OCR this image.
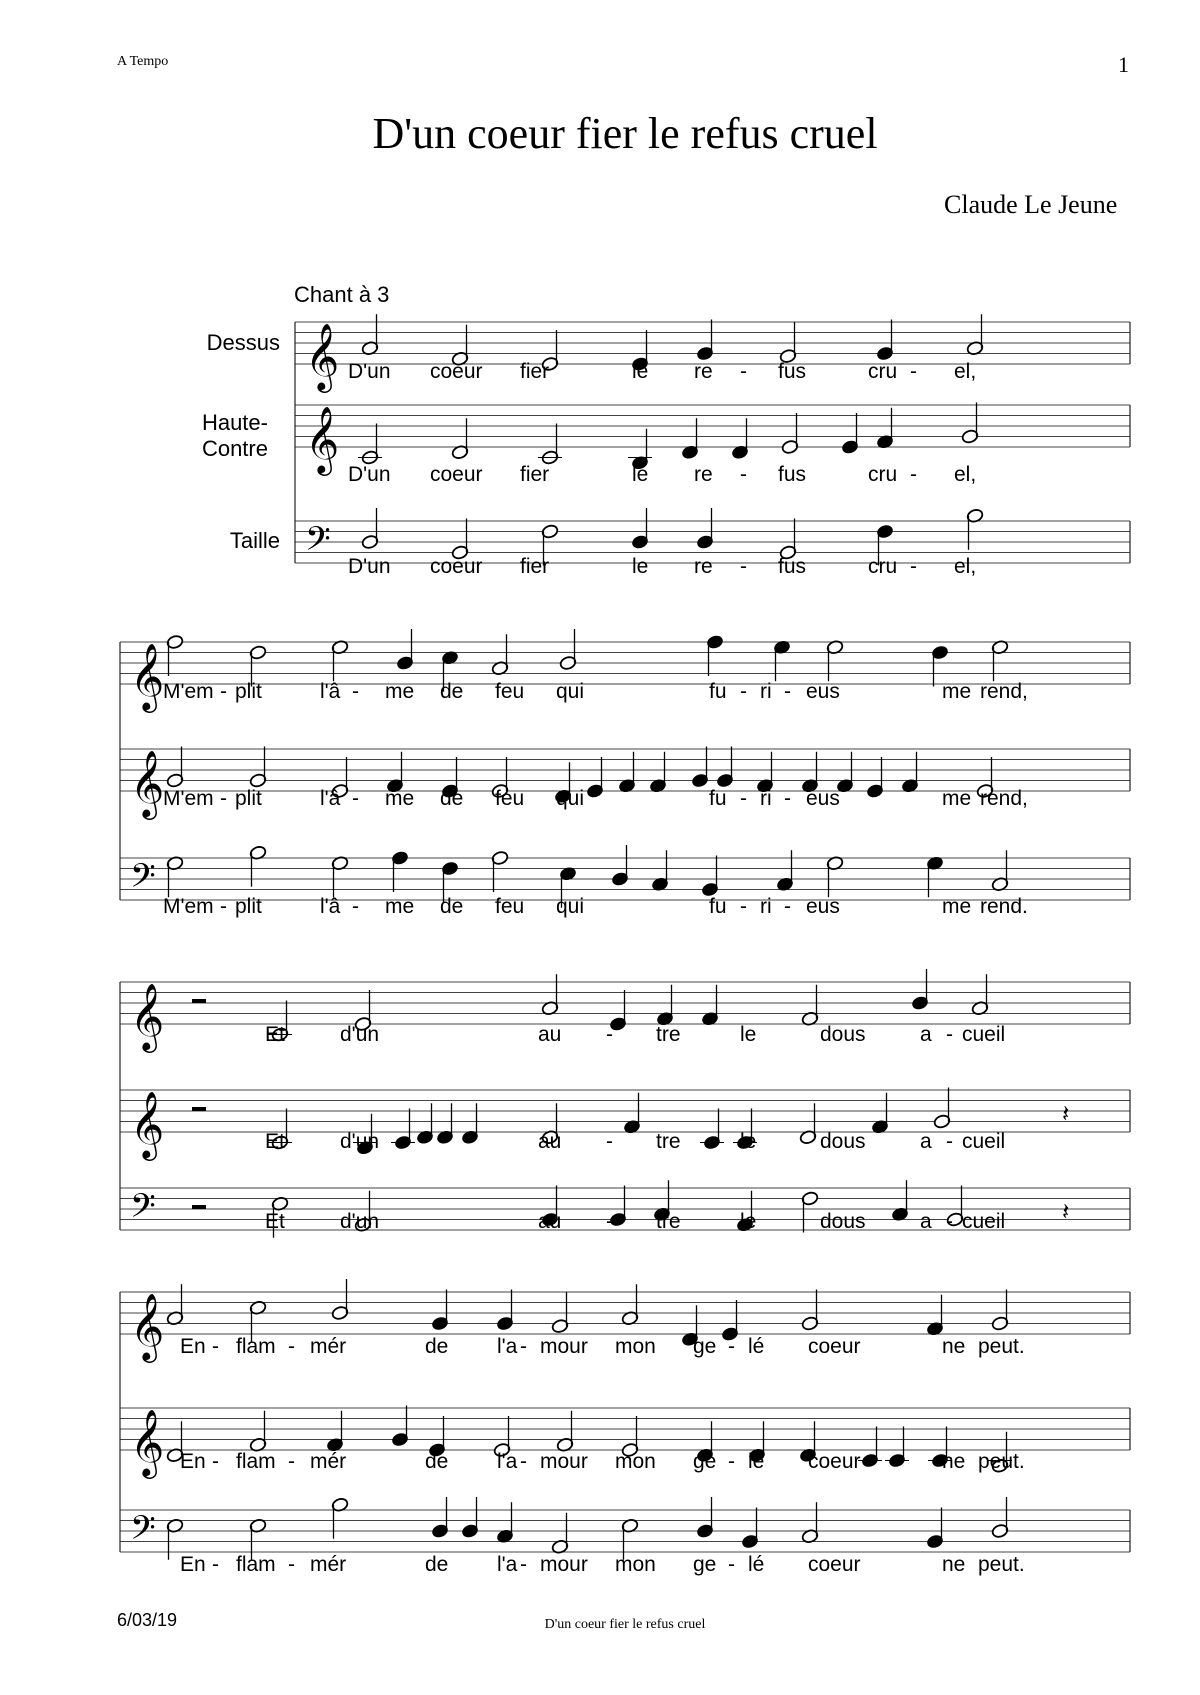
A Tempo	1
D'un coeur fier le refus cruel
Claude Le Jeune
Chant à 3
Dessus
Haute-
Contre
Taille
𝄞
𝄞
𝄢
𝄞
𝄞
𝄢
𝄞
𝄞
𝄢
𝄞
𝄞
𝄢
𝄽
𝄽
D'un coeur fier	le re - fus	cru - el,
D'un coeur fier	le re - fus	cru - el,
D'un coeur fier	le re - fus	cru - el,
M'em - plit	l'â - me de feu qui	fu - ri - eus	me rend,
M'em - plit	l'â - me de feu qui	fu - ri - eus	me rend,
M'em - plit	l'â - me de feu qui	fu - ri - eus	me rend.
Et	d'un	au - tre	le	dous	a - cueil
Et	d'un	au - tre	le	dous	a - cueil
Et	d'un	au - tre	le	dous	a - cueil
En - flam - mér	de l'a - mour mon ge - lé coeur	ne peut.
En - flam - mér	de l'a - mour mon ge - lé coeur	ne peut.
En - flam - mér	de l'a - mour mon ge - lé coeur	ne peut.
6/03/19	D'un coeur fier le refus cruel
